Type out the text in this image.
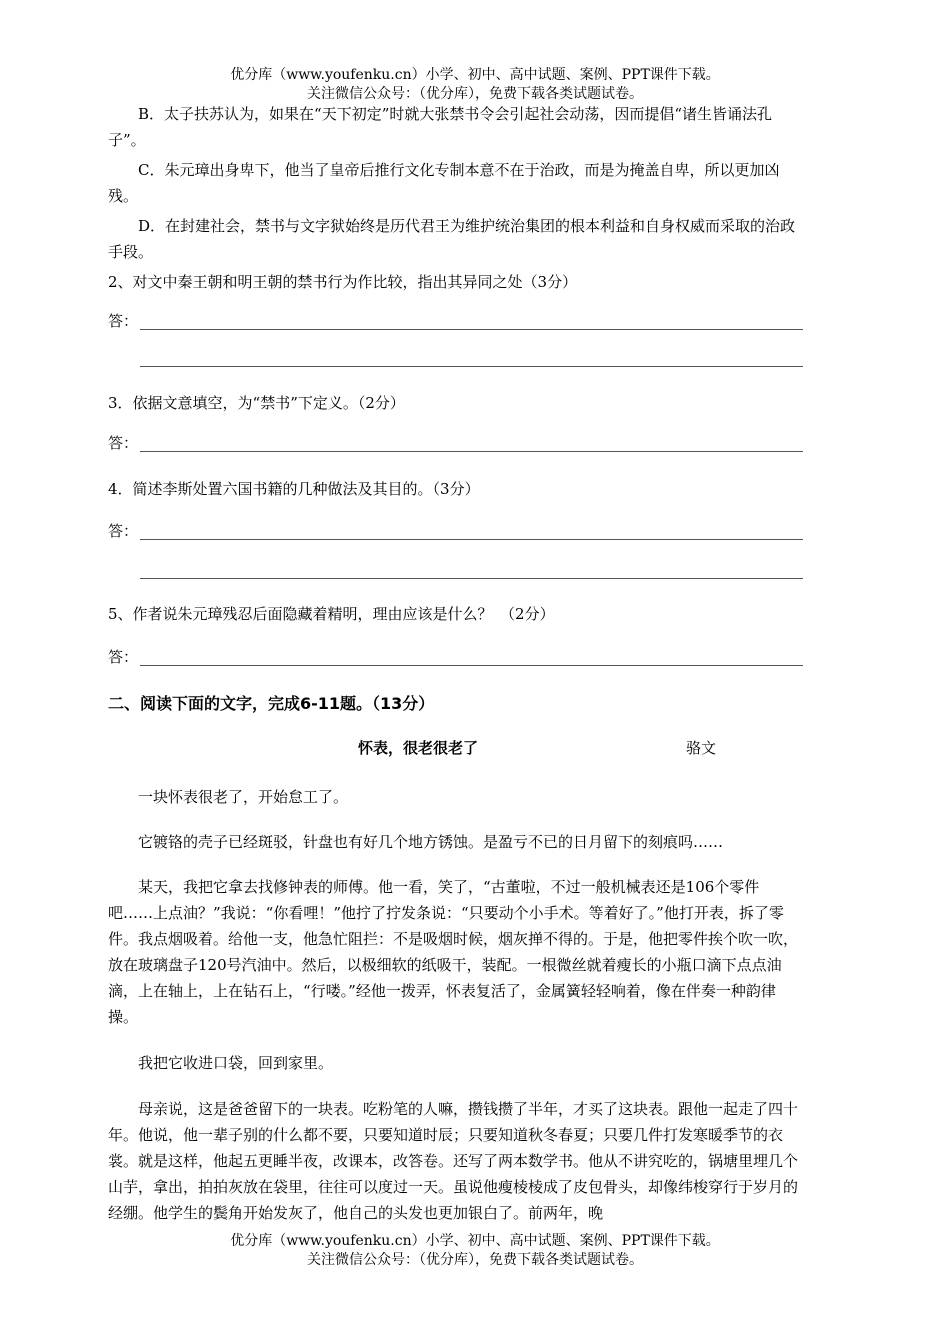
优分库（www.youfenku.cn）小学、初中、高中试题、案例、PPT课件下载。
关注微信公众号：（优分库），免费下载各类试题试卷。

B．太子扶苏认为，如果在“天下初定”时就大张禁书令会引起社会动荡，因而提倡“诸生皆诵法孔子”。

C．朱元璋出身卑下，他当了皇帝后推行文化专制本意不在于治政，而是为掩盖自卑，所以更加凶残。

D．在封建社会，禁书与文字狱始终是历代君王为维护统治集团的根本利益和自身权威而采取的治政手段。

2、对文中秦王朝和明王朝的禁书行为作比较，指出其异同之处（3分）

答：

3．依据文意填空，为“禁书”下定义。（2分）

答：

4．简述李斯处置六国书籍的几种做法及其目的。（3分）

答：

5、作者说朱元璋残忍后面隐藏着精明，理由应该是什么？　（2分）

答：
二、阅读下面的文字，完成6-11题。（13分）
怀表，很老很老了	骆文

一块怀表很老了，开始怠工了。

它镀铬的壳子已经斑驳，针盘也有好几个地方锈蚀。是盈亏不已的日月留下的刻痕吗……

某天，我把它拿去找修钟表的师傅。他一看，笑了，“古董啦，不过一般机械表还是106个零件吧……上点油？”我说：“你看哩！”他拧了拧发条说：“只要动个小手术。等着好了。”他打开表，拆了零件。我点烟吸着。给他一支，他急忙阻拦：不是吸烟时候，烟灰掸不得的。于是，他把零件挨个吹一吹，放在玻璃盘子120号汽油中。然后，以极细软的纸吸干，装配。一根微丝就着瘦长的小瓶口滴下点点油滴，上在轴上，上在钻石上，“行喽。”经他一拨弄，怀表复活了，金属簧轻轻响着，像在伴奏一种韵律操。

我把它收进口袋，回到家里。

母亲说，这是爸爸留下的一块表。吃粉笔的人嘛，攒钱攒了半年，才买了这块表。跟他一起走了四十年。他说，他一辈子别的什么都不要，只要知道时辰；只要知道秋冬春夏；只要几件打发寒暖季节的衣裳。就是这样，他起五更睡半夜，改课本，改答卷。还写了两本数学书。他从不讲究吃的，锅塘里埋几个山芋，拿出，拍拍灰放在袋里，往往可以度过一天。虽说他瘦棱棱成了皮包骨头，却像纬梭穿行于岁月的经绷。他学生的鬓角开始发灰了，他自己的头发也更加银白了。前两年，晚

优分库（www.youfenku.cn）小学、初中、高中试题、案例、PPT课件下载。
关注微信公众号：（优分库），免费下载各类试题试卷。
